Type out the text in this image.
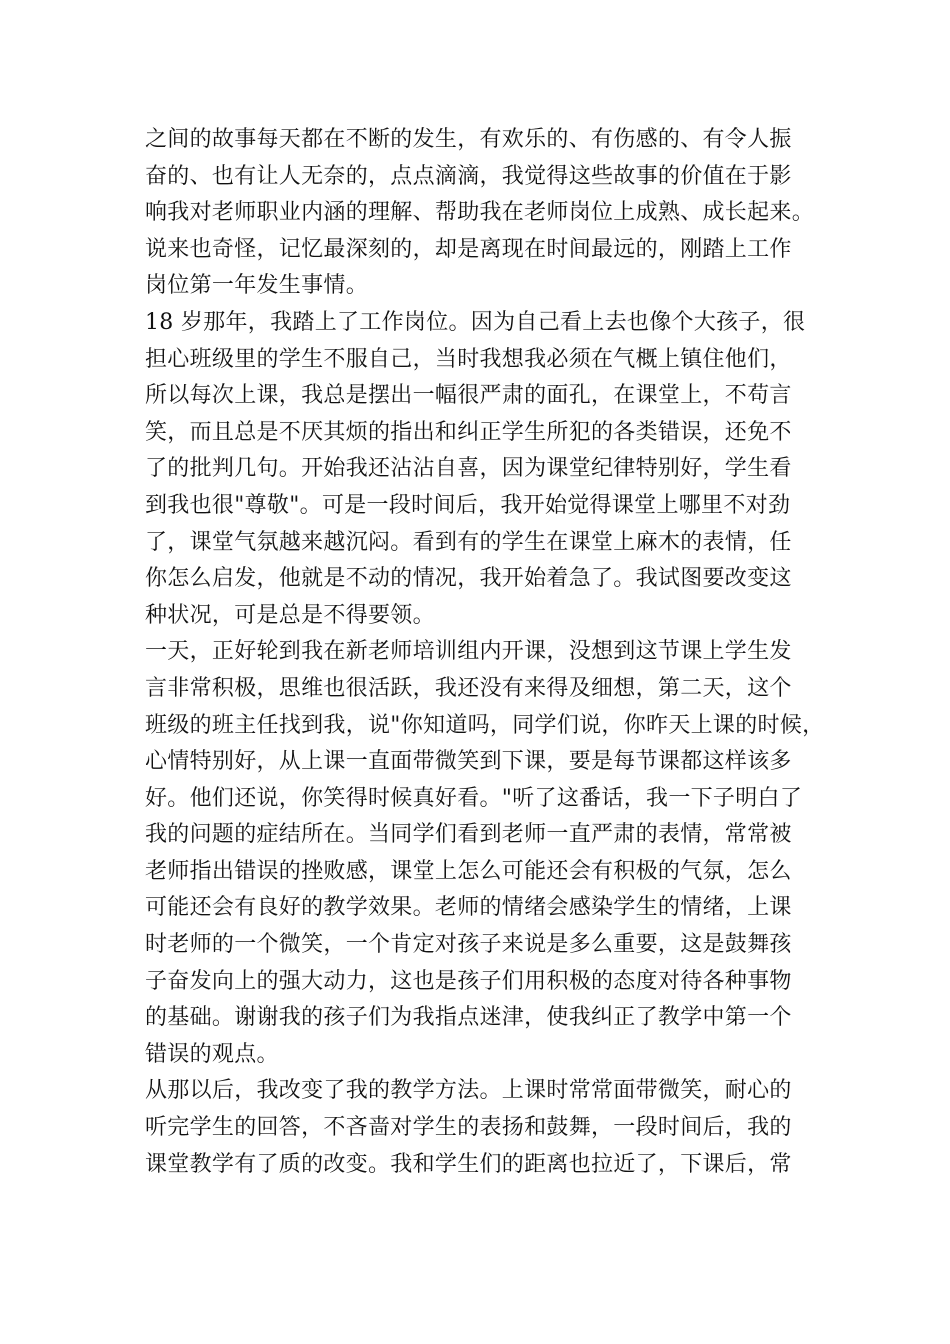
之间的故事每天都在不断的发生，有欢乐的、有伤感的、有令人振
奋的、也有让人无奈的，点点滴滴，我觉得这些故事的价值在于影
响我对老师职业内涵的理解、帮助我在老师岗位上成熟、成长起来。
说来也奇怪，记忆最深刻的，却是离现在时间最远的，刚踏上工作
岗位第一年发生事情。
18 岁那年，我踏上了工作岗位。因为自己看上去也像个大孩子，很
担心班级里的学生不服自己，当时我想我必须在气概上镇住他们，
所以每次上课，我总是摆出一幅很严肃的面孔，在课堂上，不苟言
笑，而且总是不厌其烦的指出和纠正学生所犯的各类错误，还免不
了的批判几句。开始我还沾沾自喜，因为课堂纪律特别好，学生看
到我也很"尊敬"。可是一段时间后，我开始觉得课堂上哪里不对劲
了，课堂气氛越来越沉闷。看到有的学生在课堂上麻木的表情，任
你怎么启发，他就是不动的情况，我开始着急了。我试图要改变这
种状况，可是总是不得要领。
一天，正好轮到我在新老师培训组内开课，没想到这节课上学生发
言非常积极，思维也很活跃，我还没有来得及细想，第二天，这个
班级的班主任找到我，说"你知道吗，同学们说，你昨天上课的时候，
心情特别好，从上课一直面带微笑到下课，要是每节课都这样该多
好。他们还说，你笑得时候真好看。"听了这番话，我一下子明白了
我的问题的症结所在。当同学们看到老师一直严肃的表情，常常被
老师指出错误的挫败感，课堂上怎么可能还会有积极的气氛，怎么
可能还会有良好的教学效果。老师的情绪会感染学生的情绪，上课
时老师的一个微笑，一个肯定对孩子来说是多么重要，这是鼓舞孩
子奋发向上的强大动力，这也是孩子们用积极的态度对待各种事物
的基础。谢谢我的孩子们为我指点迷津，使我纠正了教学中第一个
错误的观点。
从那以后，我改变了我的教学方法。上课时常常面带微笑，耐心的
听完学生的回答，不吝啬对学生的表扬和鼓舞，一段时间后，我的
课堂教学有了质的改变。我和学生们的距离也拉近了，下课后，常
